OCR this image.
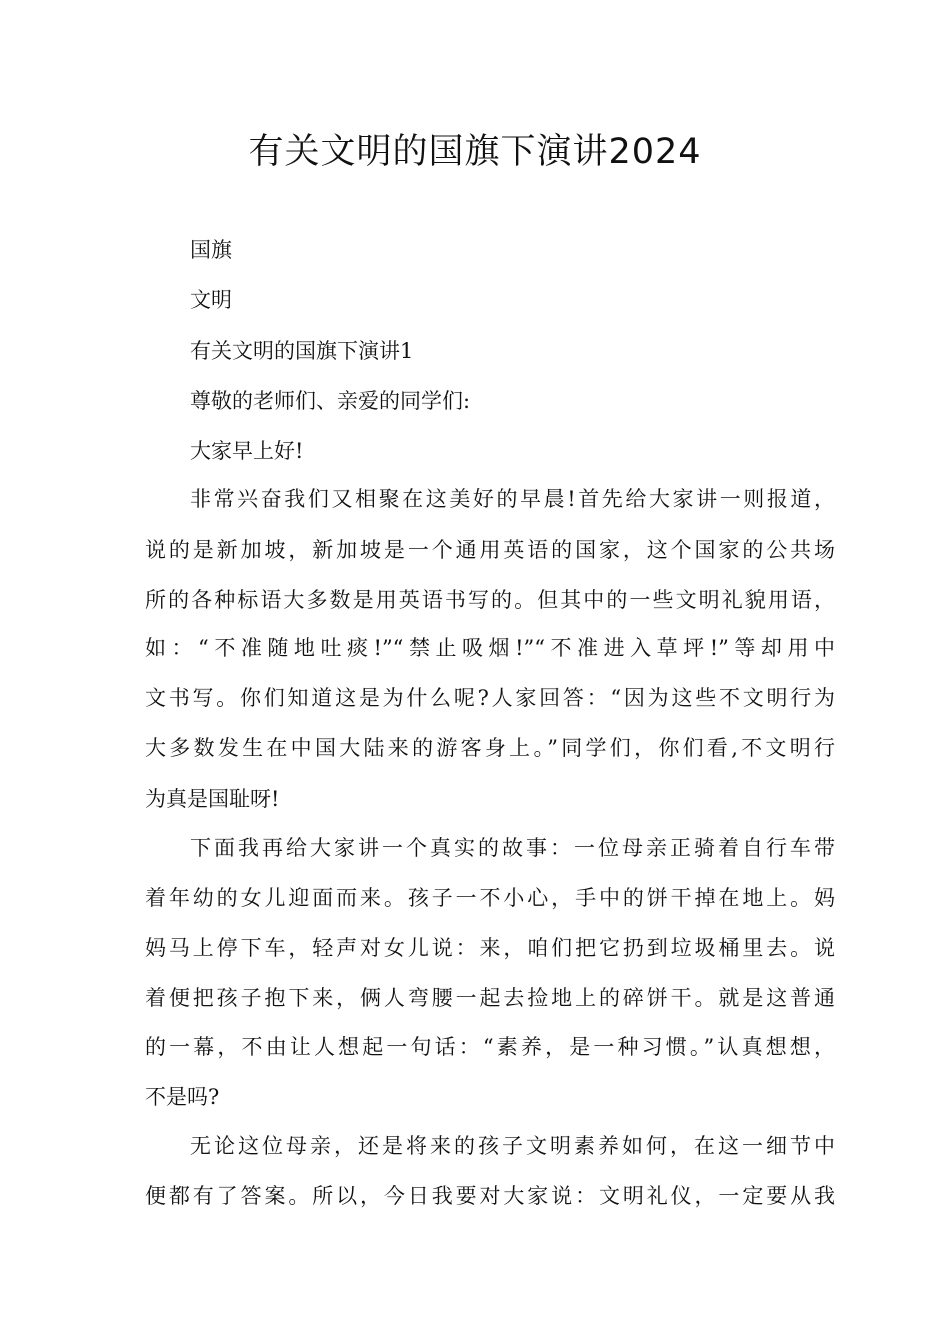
有关文明的国旗下演讲2024

国旗

文明

有关文明的国旗下演讲1

尊敬的老师们、亲爱的同学们:

大家早上好!

非常兴奋我们又相聚在这美好的早晨!首先给大家讲一则报道，

说的是新加坡，新加坡是一个通用英语的国家，这个国家的公共场

所的各种标语大多数是用英语书写的。但其中的一些文明礼貌用语，

如：“不准随地吐痰!”“禁止吸烟!”“不准进入草坪!”等却用中

文书写。你们知道这是为什么呢?人家回答：“因为这些不文明行为

大多数发生在中国大陆来的游客身上。”同学们，你们看,不文明行

为真是国耻呀!

下面我再给大家讲一个真实的故事：一位母亲正骑着自行车带

着年幼的女儿迎面而来。孩子一不小心，手中的饼干掉在地上。妈

妈马上停下车，轻声对女儿说：来，咱们把它扔到垃圾桶里去。说

着便把孩子抱下来，俩人弯腰一起去捡地上的碎饼干。就是这普通

的一幕，不由让人想起一句话：“素养，是一种习惯。”认真想想，

不是吗?

无论这位母亲，还是将来的孩子文明素养如何，在这一细节中

便都有了答案。所以，今日我要对大家说：文明礼仪，一定要从我
